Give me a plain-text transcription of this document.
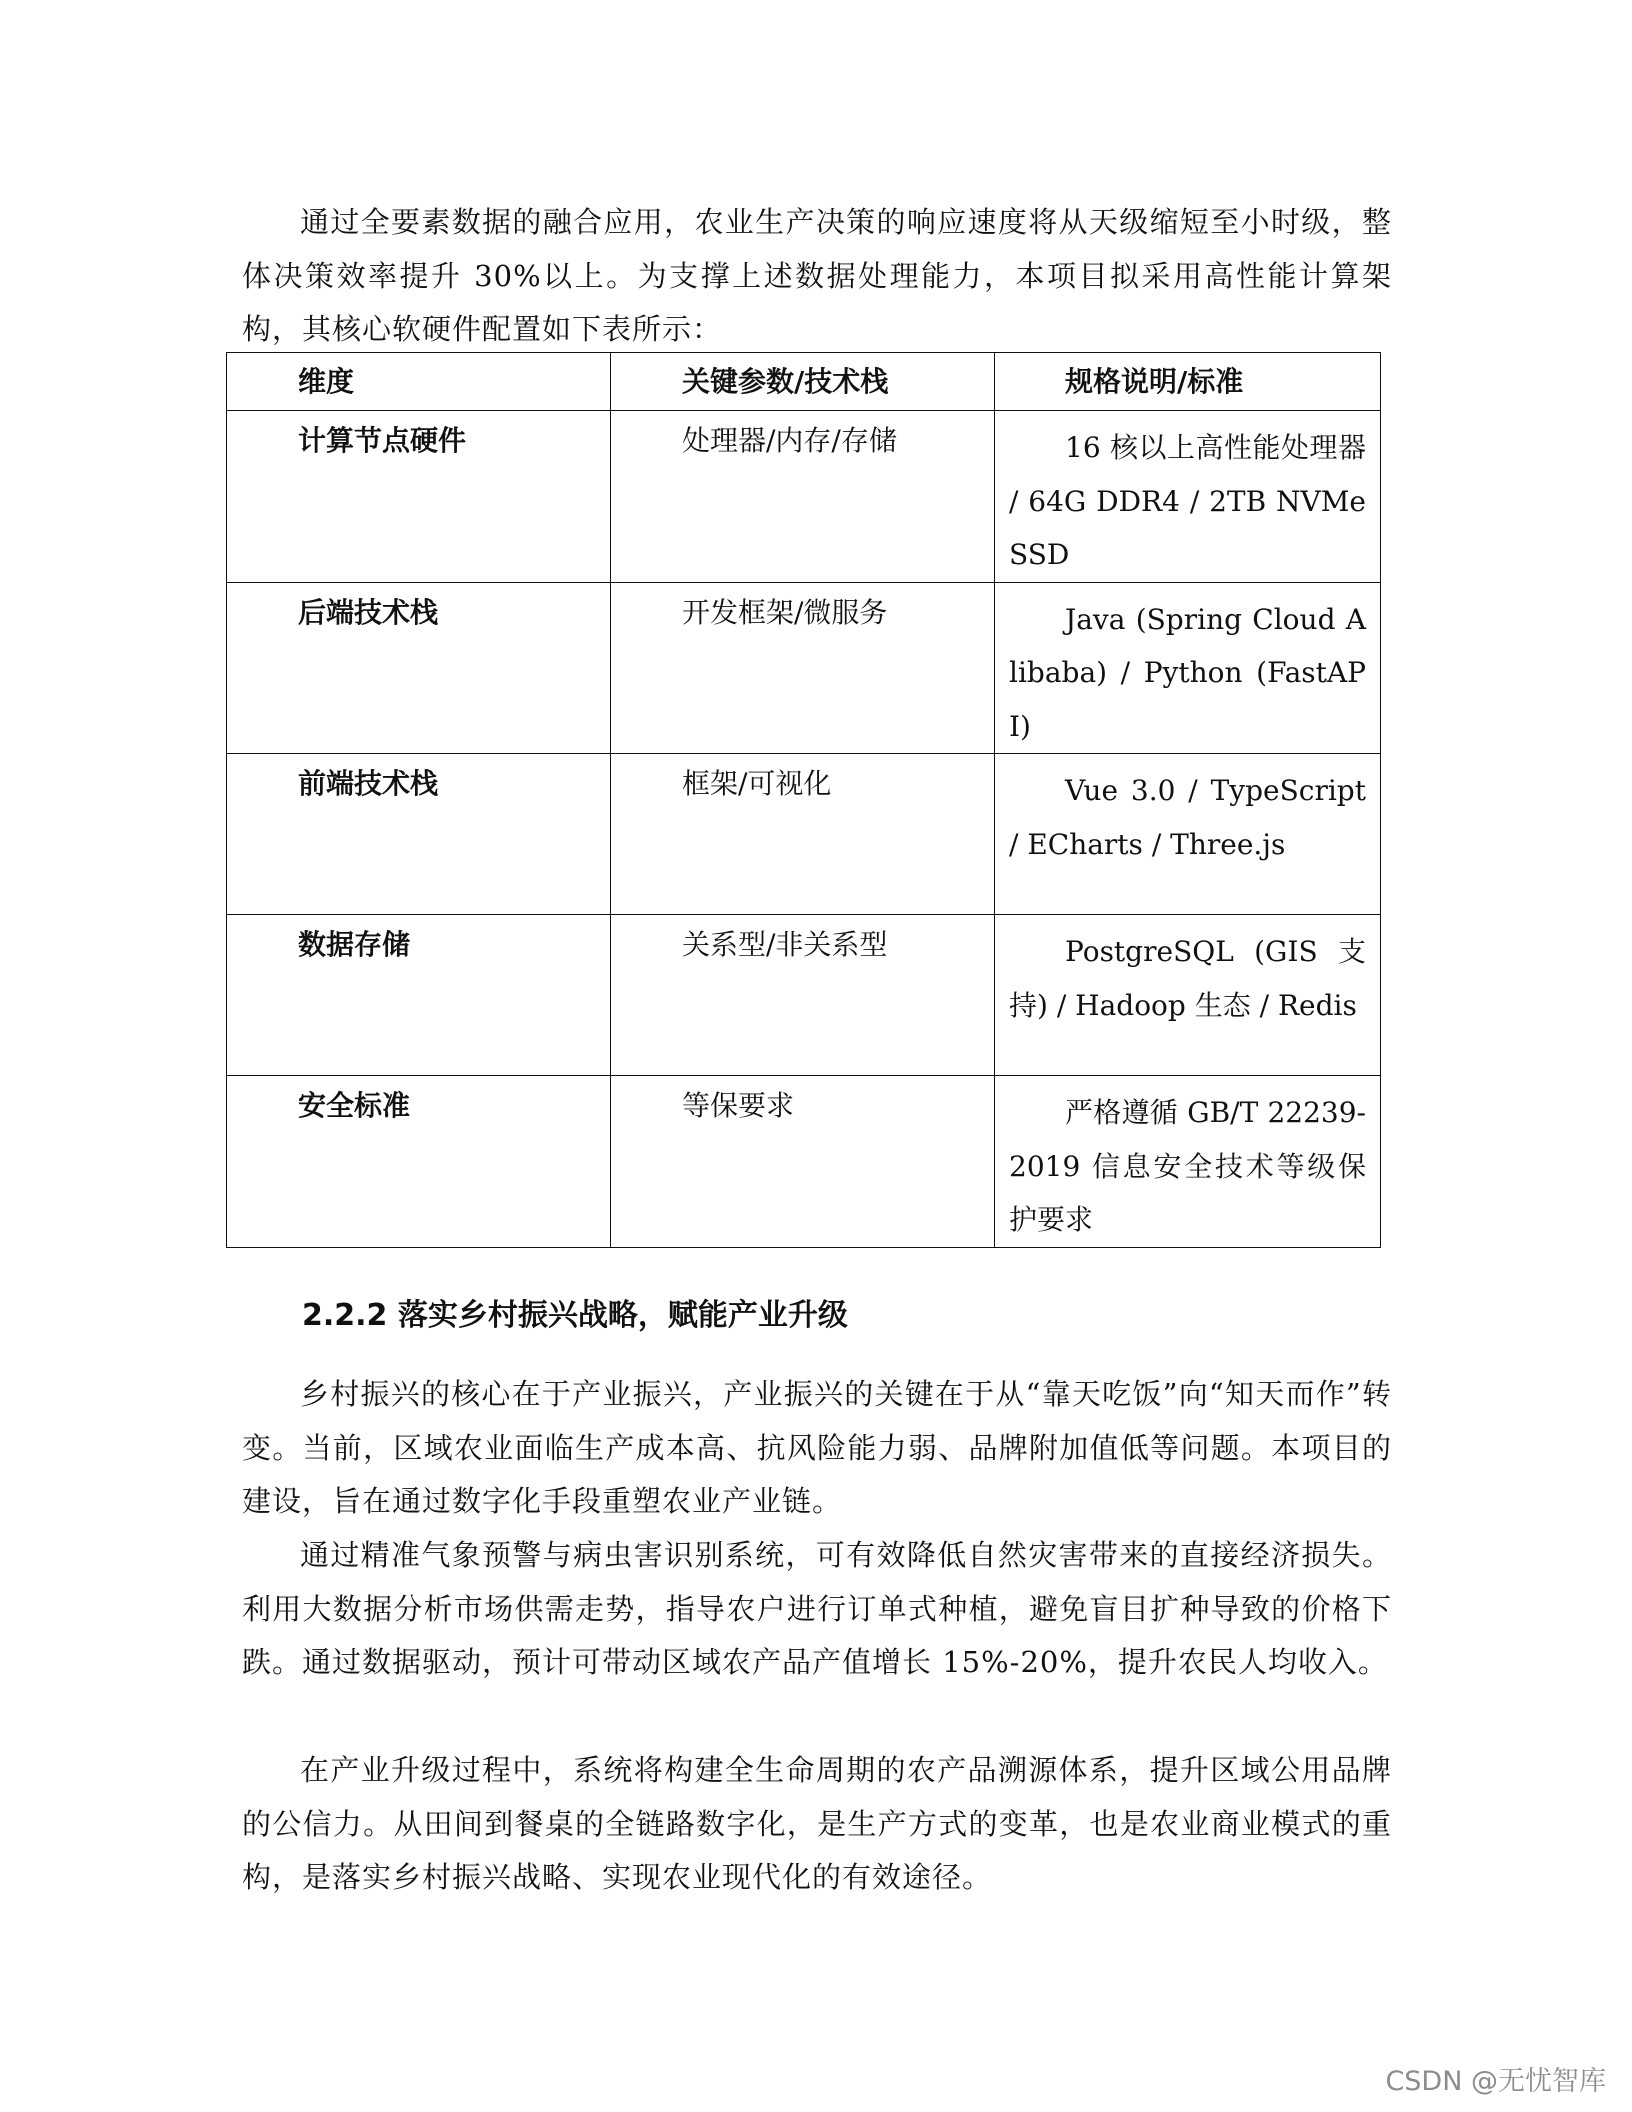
通过全要素数据的融合应用，农业生产决策的响应速度将从天级缩短至小时级，整体决策效率提升 30%以上。为支撑上述数据处理能力，本项目拟采用高性能计算架构，其核心软硬件配置如下表所示：

维度	关键参数/技术栈	规格说明/标准

计算节点硬件	处理器/内存/存储	16 核以上高性能处理器 / 64G DDR4 / 2TB NVMe SSD

后端技术栈	开发框架/微服务	Java (Spring Cloud Alibaba) / Python (FastAPI)

前端技术栈	框架/可视化	Vue 3.0 / TypeScript / ECharts / Three.js

数据存储	关系型/非关系型	PostgreSQL (GIS 支持) / Hadoop 生态 / Redis

安全标准	等保要求	严格遵循 GB/T 22239-2019 信息安全技术等级保护要求
2.2.2 落实乡村振兴战略，赋能产业升级

乡村振兴的核心在于产业振兴，产业振兴的关键在于从“靠天吃饭”向“知天而作”转变。当前，区域农业面临生产成本高、抗风险能力弱、品牌附加值低等问题。本项目的建设，旨在通过数字化手段重塑农业产业链。

通过精准气象预警与病虫害识别系统，可有效降低自然灾害带来的直接经济损失。利用大数据分析市场供需走势，指导农户进行订单式种植，避免盲目扩种导致的价格下跌。通过数据驱动，预计可带动区域农产品产值增长 15%-20%，提升农民人均收入。

在产业升级过程中，系统将构建全生命周期的农产品溯源体系，提升区域公用品牌的公信力。从田间到餐桌的全链路数字化，是生产方式的变革，也是农业商业模式的重构，是落实乡村振兴战略、实现农业现代化的有效途径。

CSDN @无忧智库
